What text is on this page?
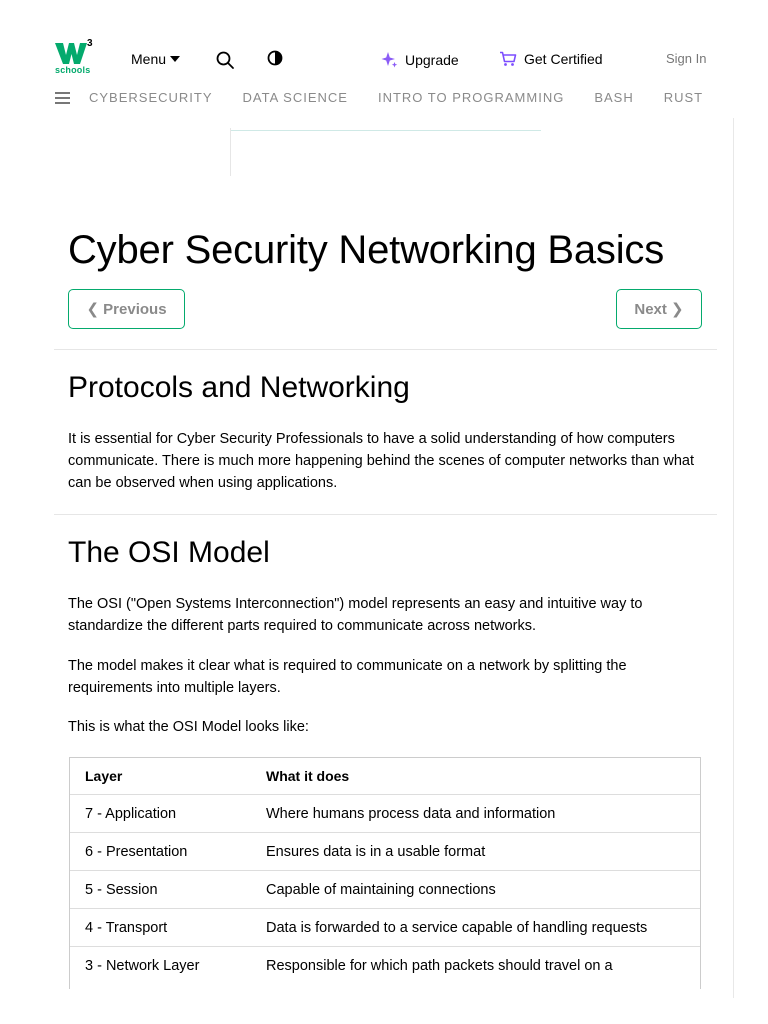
3
schools
Menu	Upgrade	Get Certified	Sign In
CYBERSECURITY DATA SCIENCE INTRO TO PROGRAMMING BASH RUST
Cyber Security Networking Basics
❮ Previous	Next ❯
Protocols and Networking

It is essential for Cyber Security Professionals to have a solid understanding of how computers communicate. There is much more happening behind the scenes of computer networks than what can be observed when using applications.

The OSI Model

The OSI ("Open Systems Interconnection") model represents an easy and intuitive way to standardize the different parts required to communicate across networks.

The model makes it clear what is required to communicate on a network by splitting the requirements into multiple layers.

This is what the OSI Model looks like:

Layer	What it does
7 - Application	Where humans process data and information
6 - Presentation	Ensures data is in a usable format
5 - Session	Capable of maintaining connections
4 - Transport	Data is forwarded to a service capable of handling requests
3 - Network Layer	Responsible for which path packets should travel on a
